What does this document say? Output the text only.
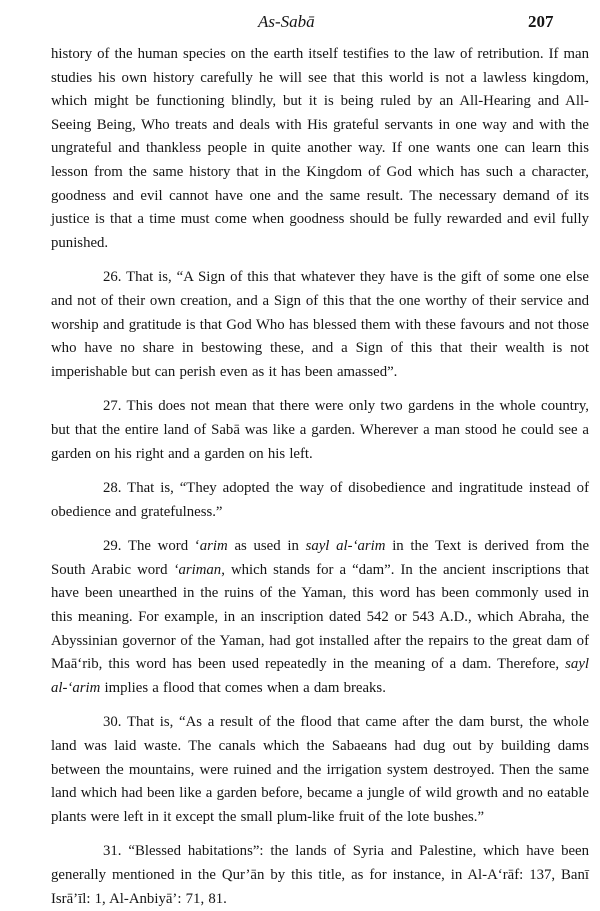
As-Sabā	207

history of the human species on the earth itself testifies to the law of retribution. If man studies his own history carefully he will see that this world is not a lawless kingdom, which might be functioning blindly, but it is being ruled by an All-Hearing and All-Seeing Being, Who treats and deals with His grateful servants in one way and with the ungrateful and thankless people in quite another way. If one wants one can learn this lesson from the same history that in the Kingdom of God which has such a character, goodness and evil cannot have one and the same result. The necessary demand of its justice is that a time must come when goodness should be fully rewarded and evil fully punished.

26. That is, “A Sign of this that whatever they have is the gift of some one else and not of their own creation, and a Sign of this that the one worthy of their service and worship and gratitude is that God Who has blessed them with these favours and not those who have no share in bestowing these, and a Sign of this that their wealth is not imperishable but can perish even as it has been amassed”.

27. This does not mean that there were only two gardens in the whole country, but that the entire land of Sabā was like a garden. Wherever a man stood he could see a garden on his right and a garden on his left.

28. That is, “They adopted the way of disobedience and ingratitude instead of obedience and gratefulness.”

29. The word ‘arim as used in sayl al-‘arim in the Text is derived from the South Arabic word ‘ariman, which stands for a “dam”. In the ancient inscriptions that have been unearthed in the ruins of the Yaman, this word has been commonly used in this meaning. For example, in an inscription dated 542 or 543 A.D., which Abraha, the Abyssinian governor of the Yaman, had got installed after the repairs to the great dam of Maā‘rib, this word has been used repeatedly in the meaning of a dam. Therefore, sayl al-‘arim implies a flood that comes when a dam breaks.

30. That is, “As a result of the flood that came after the dam burst, the whole land was laid waste. The canals which the Sabaeans had dug out by building dams between the mountains, were ruined and the irrigation system destroyed. Then the same land which had been like a garden before, became a jungle of wild growth and no eatable plants were left in it except the small plum-like fruit of the lote bushes.”

31. “Blessed habitations”: the lands of Syria and Palestine, which have been generally mentioned in the Qur’ān by this title, as for instance, in Al-A‘rāf: 137, Banī Isrā’īl: 1, Al-Anbiyā’: 71, 81.
